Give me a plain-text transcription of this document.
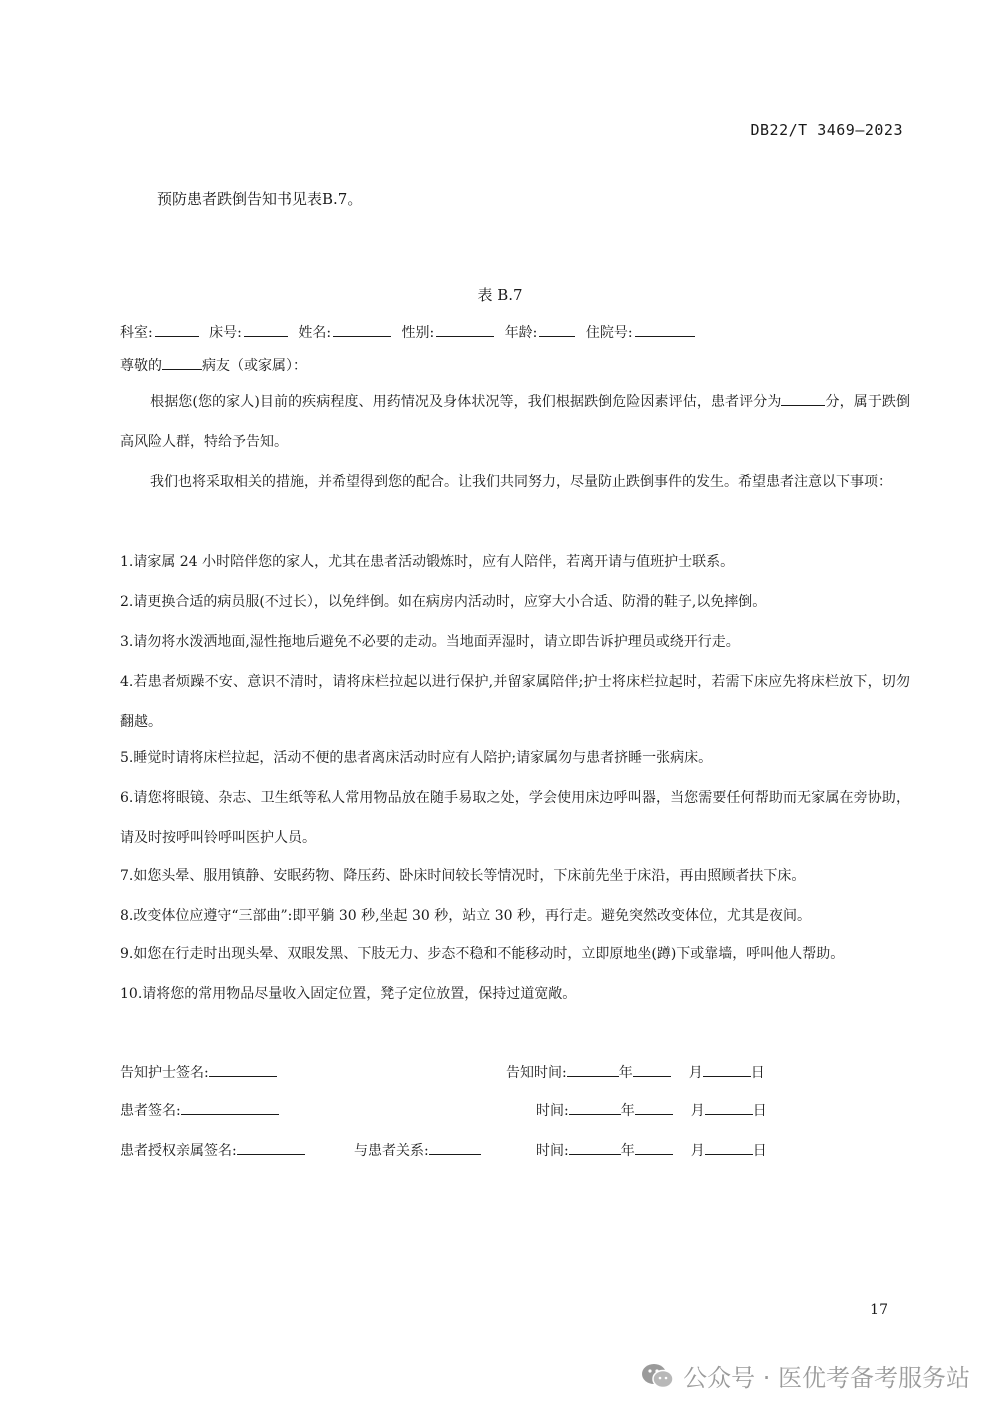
DB22/T 3469—2023
预防患者跌倒告知书见表B.7。
表 B.7
科室:	床号:	姓名:	性别:	年龄:	住院号:
尊敬的	病友（或家属）：
根据您(您的家人)目前的疾病程度、用药情况及身体状况等，我们根据跌倒危险因素评估，患者评分为	分，属于跌倒高风险人群，特给予告知。
我们也将采取相关的措施，并希望得到您的配合。让我们共同努力，尽量防止跌倒事件的发生。希望患者注意以下事项：
1.请家属 24 小时陪伴您的家人，尤其在患者活动锻炼时，应有人陪伴，若离开请与值班护士联系。
2.请更换合适的病员服(不过长），以免绊倒。如在病房内活动时，应穿大小合适、防滑的鞋子,以免摔倒。
3.请勿将水泼洒地面,湿性拖地后避免不必要的走动。当地面弄湿时，请立即告诉护理员或绕开行走。
4.若患者烦躁不安、意识不清时，请将床栏拉起以进行保护,并留家属陪伴;护士将床栏拉起时，若需下床应先将床栏放下，切勿翻越。
5.睡觉时请将床栏拉起，活动不便的患者离床活动时应有人陪护;请家属勿与患者挤睡一张病床。
6.请您将眼镜、杂志、卫生纸等私人常用物品放在随手易取之处，学会使用床边呼叫器，当您需要任何帮助而无家属在旁协助，请及时按呼叫铃呼叫医护人员。
7.如您头晕、服用镇静、安眠药物、降压药、卧床时间较长等情况时，下床前先坐于床沿，再由照顾者扶下床。
8.改变体位应遵守“三部曲”:即平躺 30 秒,坐起 30 秒，站立 30 秒，再行走。避免突然改变体位，尤其是夜间。
9.如您在行走时出现头晕、双眼发黑、下肢无力、步态不稳和不能移动时，立即原地坐(蹲)下或靠墙，呼叫他人帮助。
10.请将您的常用物品尽量收入固定位置，凳子定位放置，保持过道宽敞。
告知护士签名:	告知时间:	年	月	日
患者签名:	时间:	年	月	日
患者授权亲属签名:	与患者关系:	时间:	年	月	日
17
公众号 · 医优考备考服务站
